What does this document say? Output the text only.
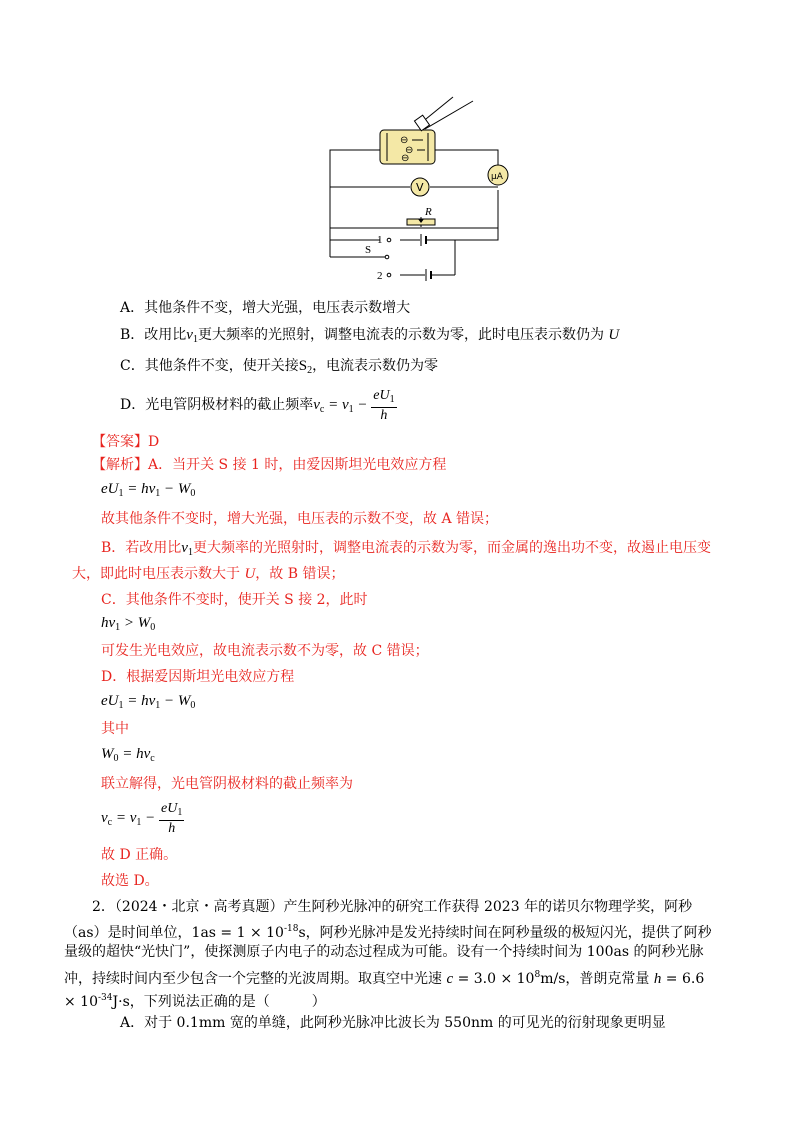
⊖
⊖
⊖
V
μA
R
S
1
2
A．其他条件不变，增大光强，电压表示数增大
B．改用比$\nu_1$更大频率的光照射，调整电流表的示数为零，此时电压表示数仍为 U
C．其他条件不变，使开关接$S_2$，电流表示数仍为零
D．光电管阴极材料的截止频率$\nu_c = \nu_1 - \frac{eU_1}{h}$
【答案】D
【解析】A．当开关 S 接 1 时，由爱因斯坦光电效应方程
$eU_1 = h\nu_1 - W_0$
故其他条件不变时，增大光强，电压表的示数不变，故 A 错误；
B．若改用比$\nu_1$更大频率的光照射时，调整电流表的示数为零，而金属的逸出功不变，故遏止电压变
大，即此时电压表示数大于 U，故 B 错误；
C．其他条件不变时，使开关 S 接 2，此时
$h\nu_1 > W_0$
可发生光电效应，故电流表示数不为零，故 C 错误；
D．根据爱因斯坦光电效应方程
$eU_1 = h\nu_1 - W_0$
其中
$W_0 = h\nu_c$
联立解得，光电管阴极材料的截止频率为
$\nu_c = \nu_1 - \frac{eU_1}{h}$
故 D 正确。
故选 D。
2．（2024・北京・高考真题）产生阿秒光脉冲的研究工作获得 2023 年的诺贝尔物理学奖，阿秒
（as）是时间单位，$1as = 1 \times 10^{-18}s$，阿秒光脉冲是发光持续时间在阿秒量级的极短闪光，提供了阿秒
量级的超快“光快门”，使探测原子内电子的动态过程成为可能。设有一个持续时间为 100as 的阿秒光脉
冲，持续时间内至少包含一个完整的光波周期。取真空中光速 $c = 3.0 \times 10^8m/s$，普朗克常量 h = 6.6
× $10^{-34}J\cdot s$，下列说法正确的是（　　　）
A．对于 0.1mm 宽的单缝，此阿秒光脉冲比波长为 550nm 的可见光的衍射现象更明显
